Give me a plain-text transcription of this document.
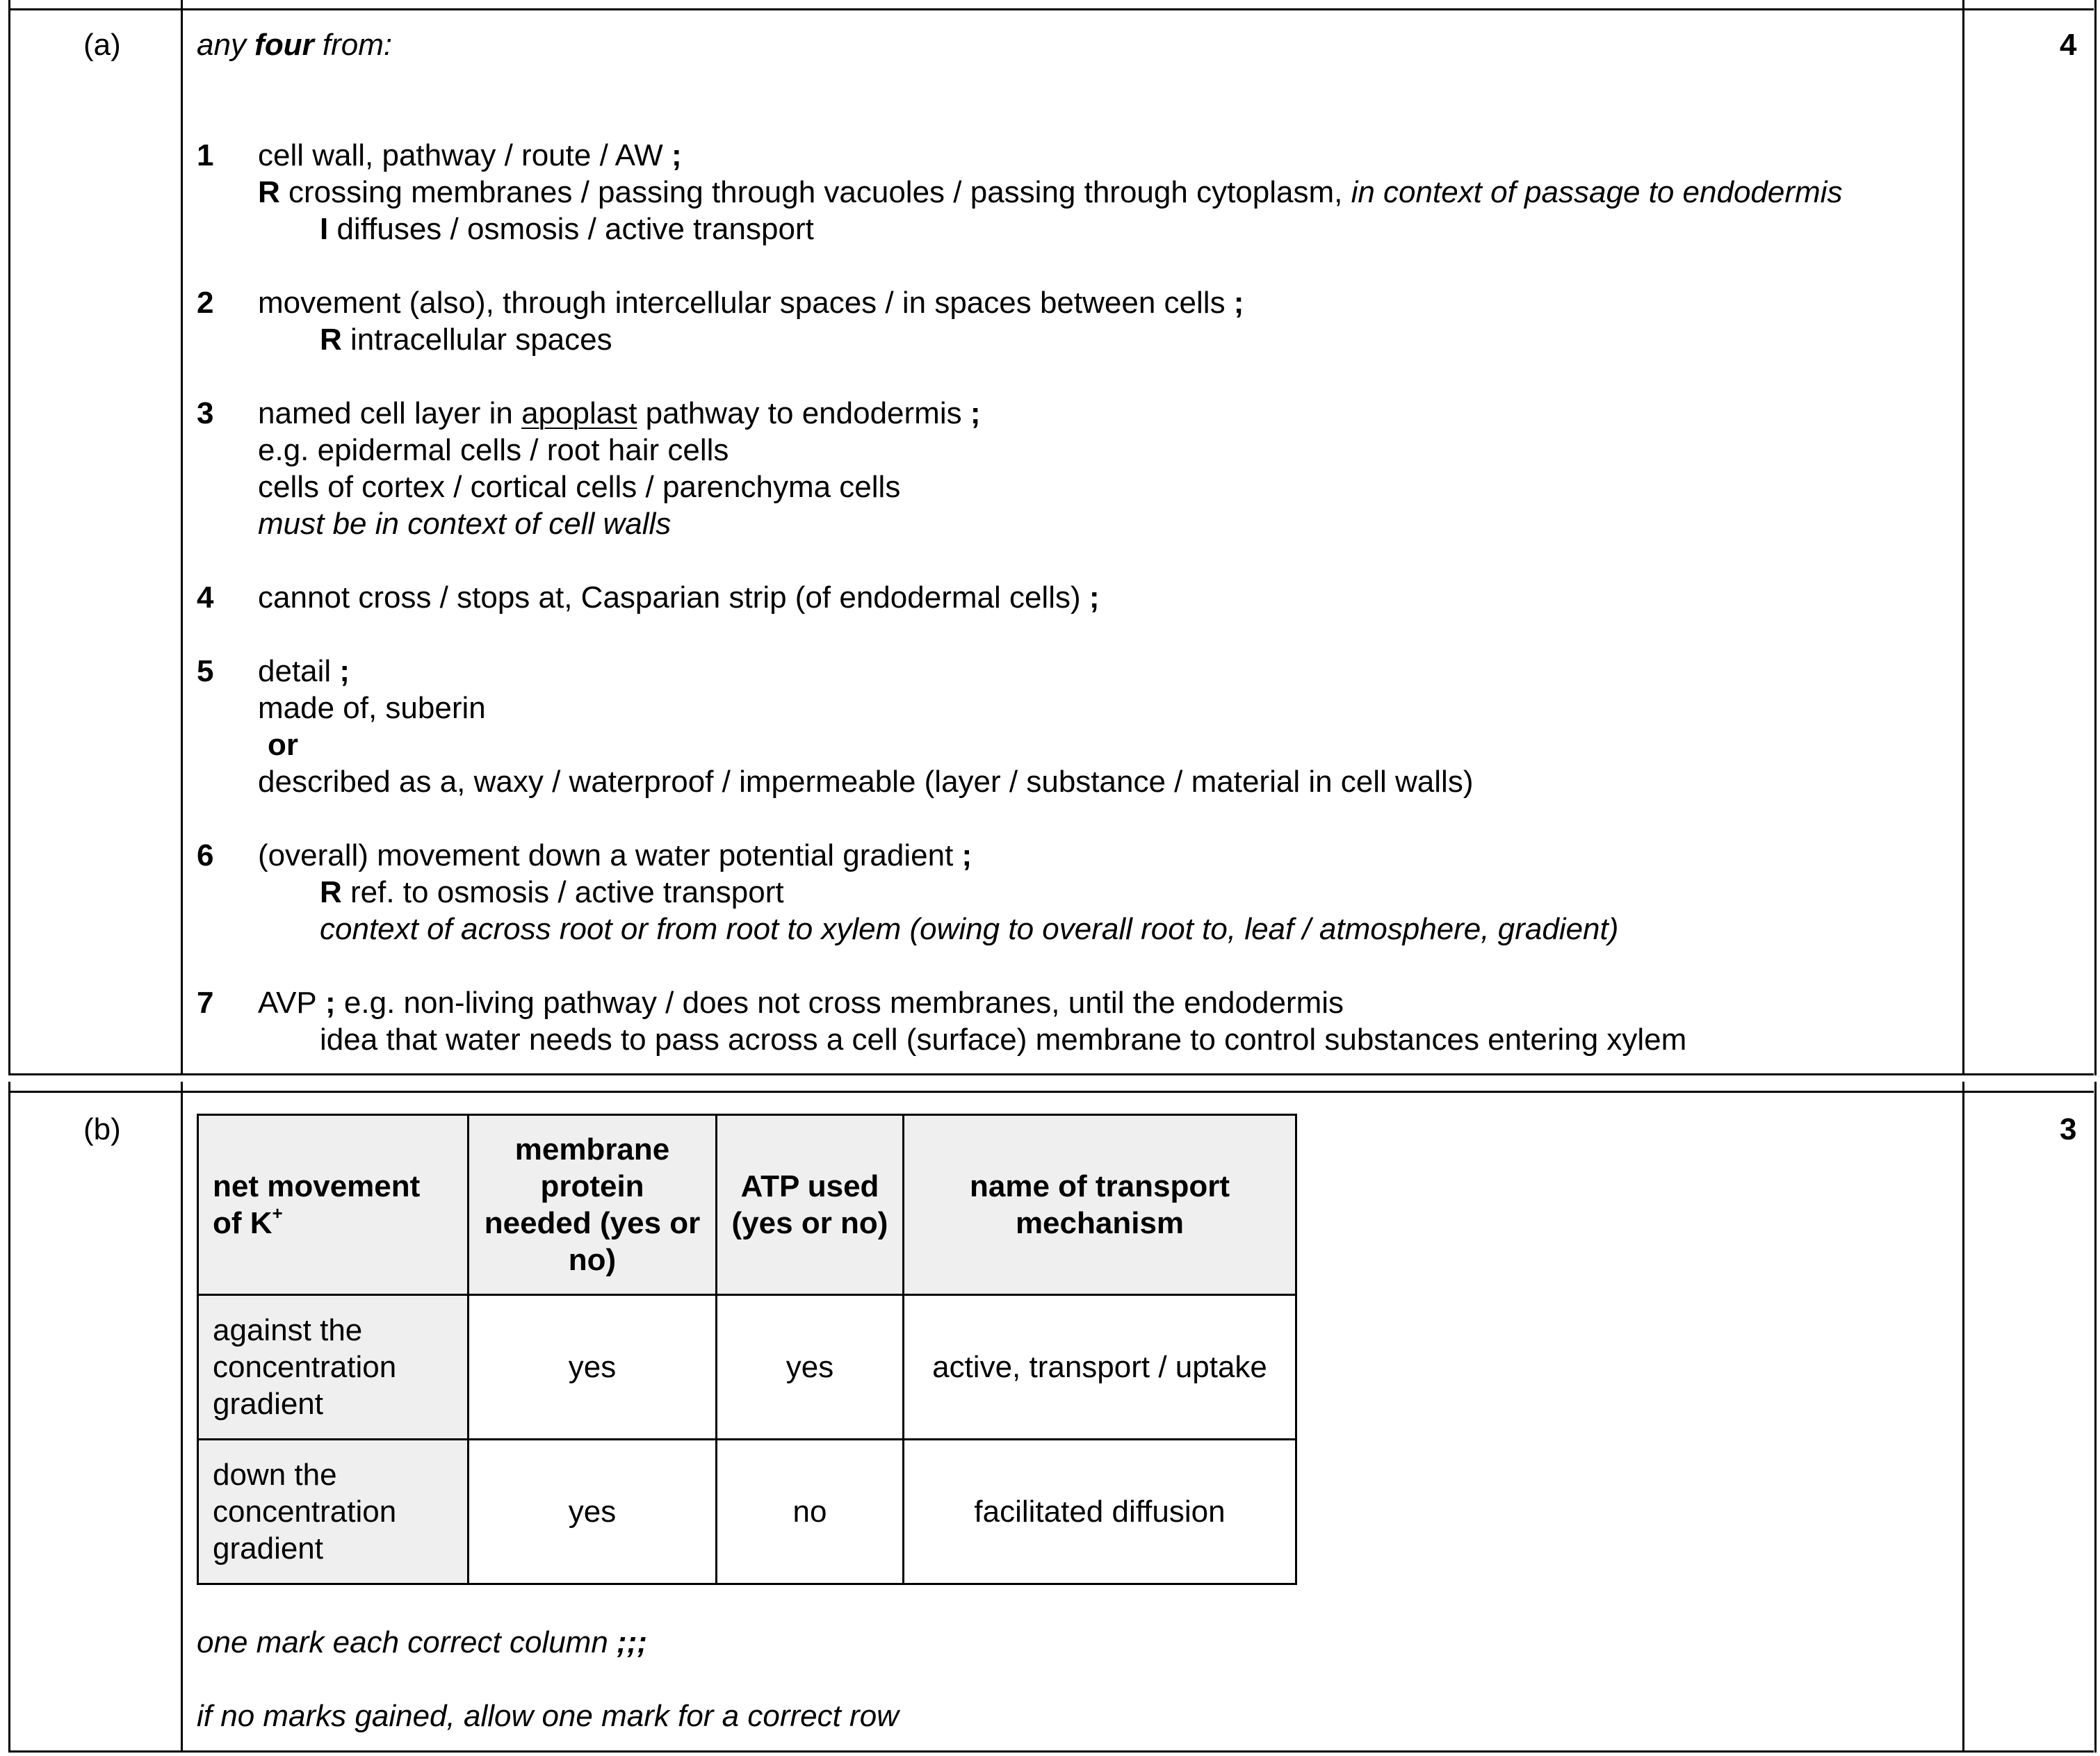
(a)	4
any four from:
1 cell wall, pathway / route / AW ;
R crossing membranes / passing through vacuoles / passing through cytoplasm, in context of passage to endodermis
I diffuses / osmosis / active transport
2 movement (also), through intercellular spaces / in spaces between cells ;
R intracellular spaces
3 named cell layer in apoplast pathway to endodermis ;
e.g. epidermal cells / root hair cells
cells of cortex / cortical cells / parenchyma cells
must be in context of cell walls
4 cannot cross / stops at, Casparian strip (of endodermal cells) ;
5 detail ;
made of, suberin
or
described as a, waxy / waterproof / impermeable (layer / substance / material in cell walls)
6 (overall) movement down a water potential gradient ;
R ref. to osmosis / active transport
context of across root or from root to xylem (owing to overall root to, leaf / atmosphere, gradient)
7 AVP ; e.g. non-living pathway / does not cross membranes, until the endodermis
idea that water needs to pass across a cell (surface) membrane to control substances entering xylem
(b)	3
net movement of K+	membrane protein needed (yes or no)	ATP used (yes or no)	name of transport mechanism
against the concentration gradient	yes	yes	active, transport / uptake
down the concentration gradient	yes	no	facilitated diffusion
one mark each correct column ;;;
if no marks gained, allow one mark for a correct row
